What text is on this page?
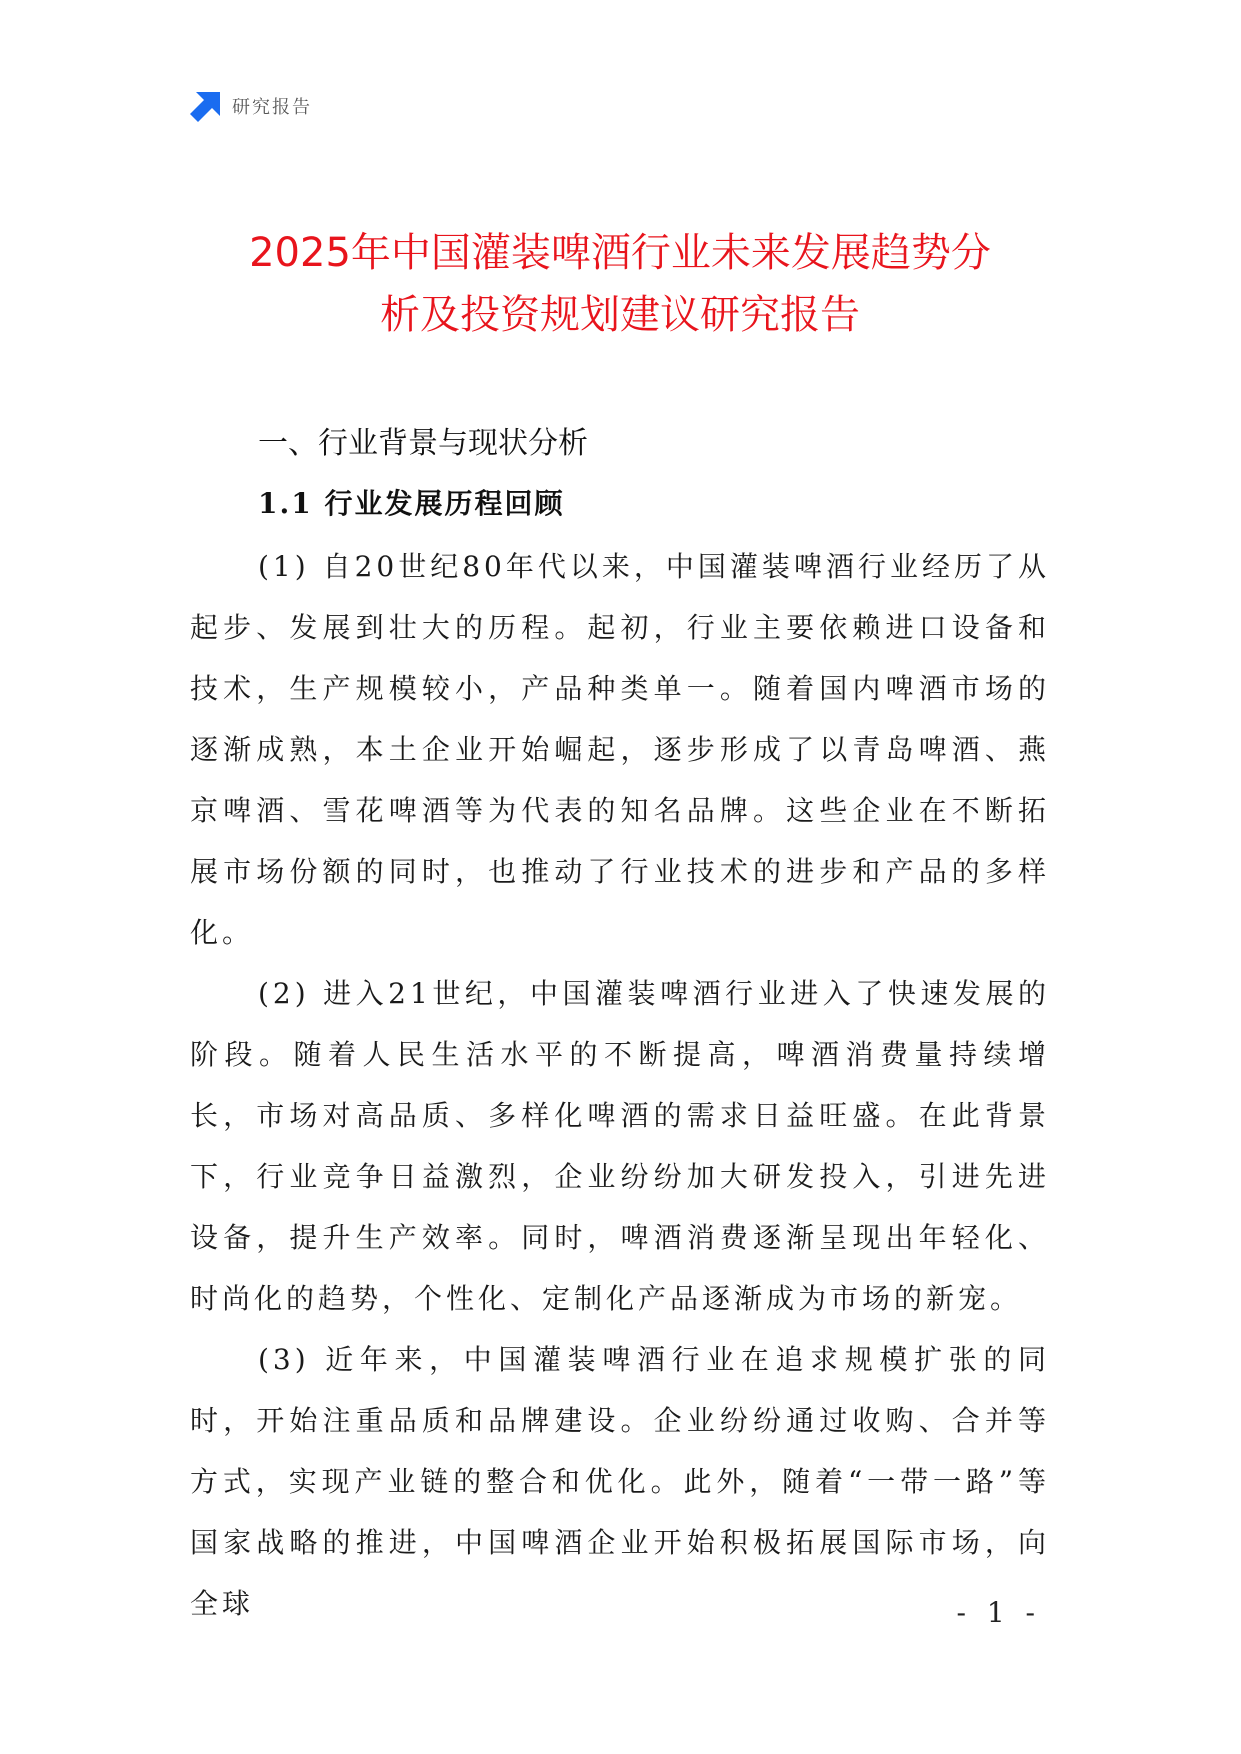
研究报告
2025年中国灌装啤酒行业未来发展趋势分
析及投资规划建议研究报告
一、行业背景与现状分析
1.1 行业发展历程回顾

(1) 自20世纪80年代以来，中国灌装啤酒行业经历了从起步、发展到壮大的历程。起初，行业主要依赖进口设备和技术，生产规模较小，产品种类单一。随着国内啤酒市场的逐渐成熟，本土企业开始崛起，逐步形成了以青岛啤酒、燕京啤酒、雪花啤酒等为代表的知名品牌。这些企业在不断拓展市场份额的同时，也推动了行业技术的进步和产品的多样化。

(2) 进入21世纪，中国灌装啤酒行业进入了快速发展的阶段。随着人民生活水平的不断提高，啤酒消费量持续增长，市场对高品质、多样化啤酒的需求日益旺盛。在此背景下，行业竞争日益激烈，企业纷纷加大研发投入，引进先进设备，提升生产效率。同时，啤酒消费逐渐呈现出年轻化、时尚化的趋势，个性化、定制化产品逐渐成为市场的新宠。

(3) 近年来，中国灌装啤酒行业在追求规模扩张的同时，开始注重品质和品牌建设。企业纷纷通过收购、合并等方式，实现产业链的整合和优化。此外，随着“一带一路”等国家战略的推进，中国啤酒企业开始积极拓展国际市场，向全球	- 1 -
